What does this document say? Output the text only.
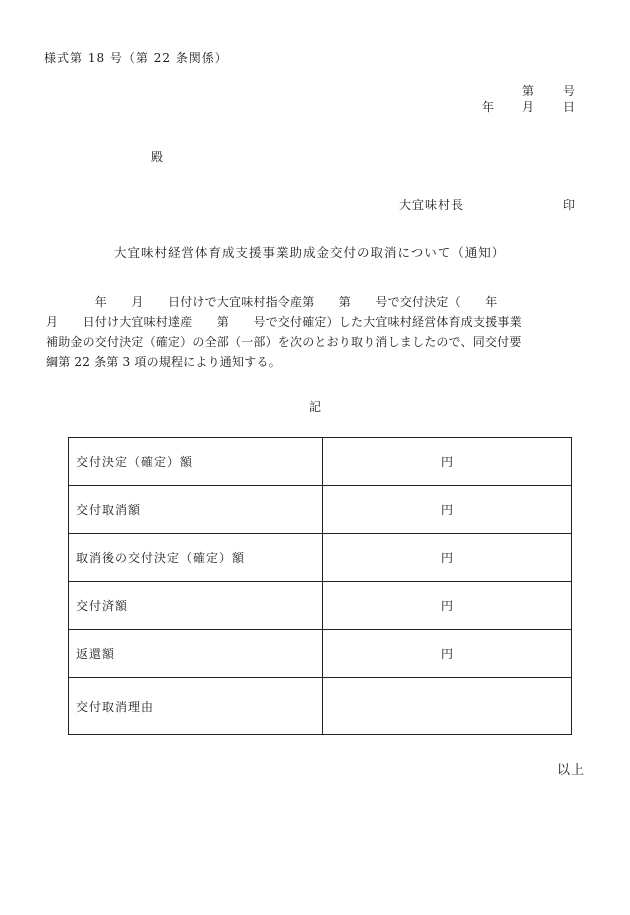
様式第 18 号（第 22 条関係）
第 号
年 月 日
殿
大宜味村長	印
大宜味村経営体育成支援事業助成金交付の取消について（通知）
　　　　年　　月　　日付けで大宜味村指令産第　　第　　号で交付決定（　　年
月　　日付け大宜味村達産　　第　　号で交付確定）した大宜味村経営体育成支援事業
補助金の交付決定（確定）の全部（一部）を次のとおり取り消しましたので、同交付要
綱第 22 条第 3 項の規程により通知する。
記
交付決定（確定）額	円
交付取消額	円
取消後の交付決定（確定）額	円
交付済額	円
返還額	円
交付取消理由	
以上
